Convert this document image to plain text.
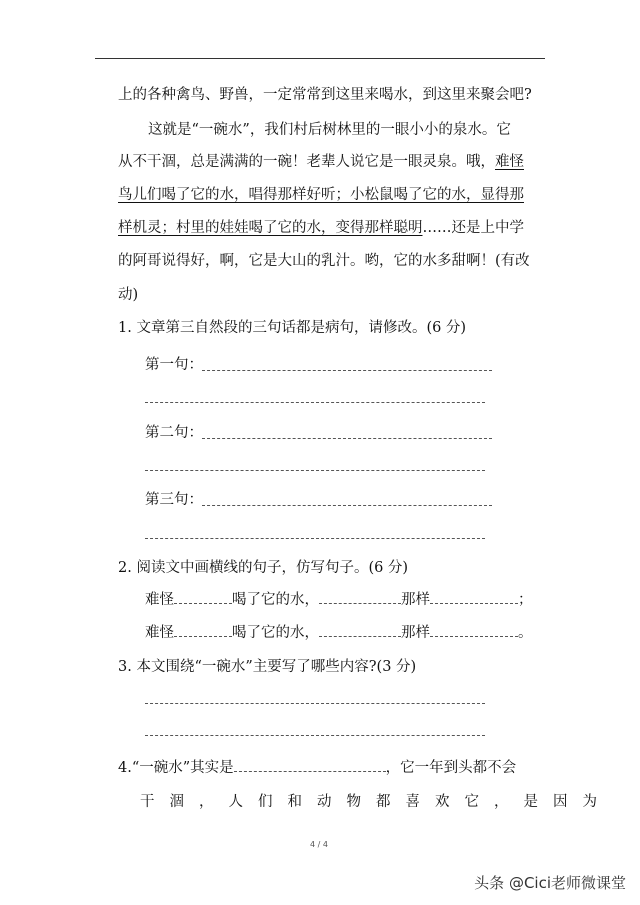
上的各种禽鸟、野兽，一定常常到这里来喝水，到这里来聚会吧?
这就是“一碗水”，我们村后树林里的一眼小小的泉水。它
从不干涸，总是满满的一碗！老辈人说它是一眼灵泉。哦，难怪
鸟儿们喝了它的水，唱得那样好听；小松鼠喝了它的水，显得那
样机灵；村里的娃娃喝了它的水，变得那样聪明……还是上中学
的阿哥说得好，啊，它是大山的乳汁。哟，它的水多甜啊！(有改
动)
1. 文章第三自然段的三句话都是病句，请修改。(6 分)
第一句：
第二句：
第三句：
2. 阅读文中画横线的句子，仿写句子。(6 分)
难怪	喝了它的水，	那样	；
难怪	喝了它的水，	那样	。
3. 本文围绕“一碗水”主要写了哪些内容?(3 分)
4.“一碗水”其实是	，它一年到头都不会
干涸，人们和动物都喜欢它，是因为
4 / 4
头条 @Cici老师微课堂
